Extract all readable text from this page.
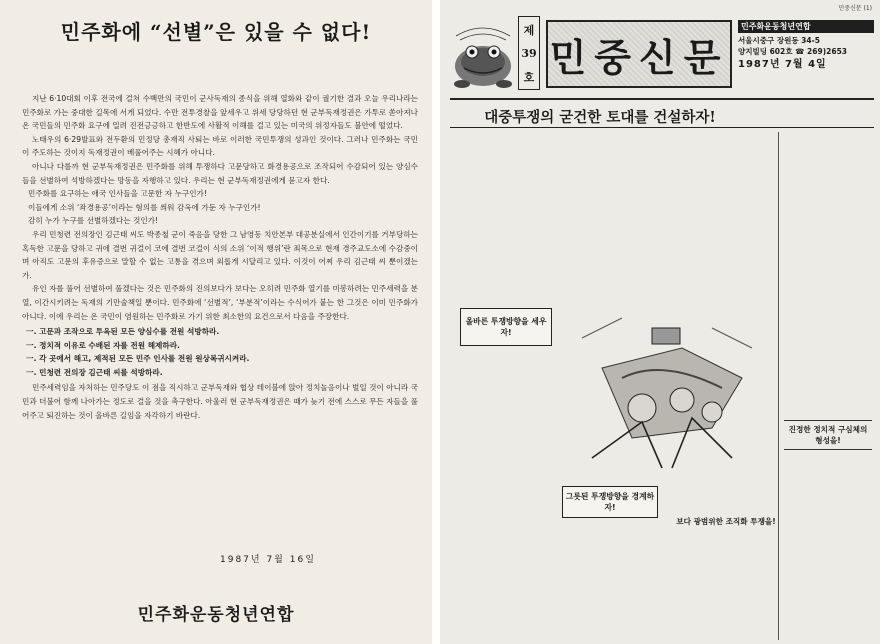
민주화에 “선별”은 있을 수 없다!

지난 6·10대회 이후 전국에 걸쳐 수백만의 국민이 군사독재의 종식을 위해 열화와 같이 궐기한 결과 오늘 우리나라는 민주화로 가는 중대한 길목에 서게 되었다. 수만 전투경찰을 앞세우고 위세 당당하던 현 군부독재정권은 가투로 쏟아져나온 국민들의 민주화 요구에 밀려 진전긍긍하고 한반도에 사활적 이해를 걸고 있는 미국의 위정자들도 불안에 떨었다.

노태우의 6·29발표와 전두환의 민정당 총재직 사퇴는 바로 이러한 국민투쟁의 성과인 것이다. 그러나 민주화는 국민이 주도하는 것이지 독재정권이 베풀어주는 시혜가 아니다.

아니나 다를까 현 군부독재정권은 민주화를 위해 투쟁하다 고문당하고 화경용공으로 조작되어 수감되어 있는 양심수들을 선별하여 석방하겠다는 망동을 자행하고 있다. 우리는 현 군부독재정권에게 묻고자 한다.

민주화를 요구하는 애국 인사들을 고문한 자 누구인가!

이들에게 소위 ‘좌경용공’이라는 혐의를 씌워 감옥에 가둔 자 누구인가!

감히 누가 누구를 선별하겠다는 것인가!

우리 민청련 전의장인 김근태 씨도 박종철 군이 죽음을 당한 그 남영동 치안본부 대공분실에서 인간이기를 거부당하는 혹독한 고문을 당하고 귀에 결번 귀걸이 코에 결번 코걸이 식의 소위 ‘이적 행위’란 죄목으로 현재 경주교도소에 수감중이며 아직도 고문의 후유증으로 말할 수 없는 고통을 겪으며 외롭게 시달리고 있다. 이것이 어찌 우리 김근태 씨 뿐이겠는가.

유인 자를 풀어 선별하여 풀겠다는 것은 민주화의 진의보다가 보다는 오히려 민주화 열기를 미봉하려는 민주세력을 분열, 이간시키려는 독재의 기만술책일 뿐이다. 민주화에 ‘선별적’, ‘부분적’이라는 수식어가 붙는 한 그것은 이미 민주화가 아니다. 이에 우리는 온 국민이 염원하는 민주화로 가기 위한 최소한의 요건으로서 다음을 주장한다.

一. 고문과 조작으로 투옥된 모든 양심수를 전원 석방하라.
一. 정치적 이유로 수배된 자를 전원 해제하라.
一. 각 곳에서 해고, 제적된 모든 민주 인사를 전원 원상복귀시켜라.
一. 민청련 전의장 김근태 씨를 석방하라.

민주세력임을 자처하는 민주당도 이 점을 직시하고 군부독재와 협상 테이블에 앉아 정치놀음이나 벌일 것이 아니라 국민과 더불어 함께 나아가는 정도로 걸을 것을 촉구한다. 아울러 현 군부독재정권은 때가 늦기 전에 스스로 무든 자들을 풀어주고 퇴진하는 것이 올바른 길임을 자각하기 바란다.

1987년 7월 16일
민주화운동청년연합
민중신문 (1)
제
39
호 민중신문
민주화운동청년연합
서울시중구 장원동 34-5
양지빌딩 602호 ☎ 269)2653
1987년 7월 4일
대중투쟁의 굳건한 토대를 건설하자!
올바른 투쟁방향을 세우자!
그릇된 투쟁방향을 경계하자!
보다 광범위한 조직화 투쟁을!
진정한 정치적 구심체의 형성을!
